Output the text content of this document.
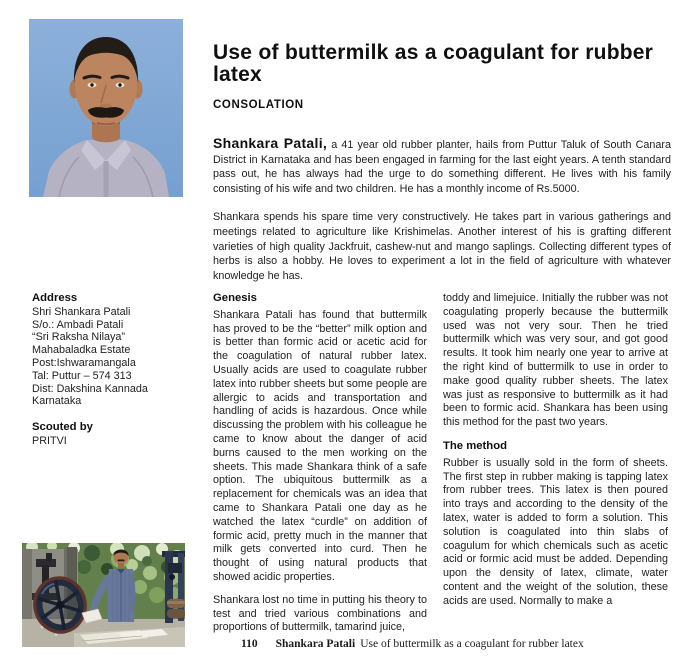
Use of buttermilk as a coagulant for rubber
latex
CONSOLATION

Shankara Patali, a 41 year old rubber planter, hails from Puttur Taluk of South Canara District in Karnataka and has been engaged in farming for the last eight years. A tenth standard pass out, he has always had the urge to do something different. He lives with his family consisting of his wife and two children. He has a monthly income of Rs.5000.

Shankara spends his spare time very constructively. He takes part in various gatherings and meetings related to agriculture like Krishimelas. Another interest of his is grafting different varieties of high quality Jackfruit, cashew-nut and mango saplings. Collecting different types of herbs is also a hobby. He loves to experiment a lot in the field of agriculture with whatever knowledge he has.

Address
Shri Shankara Patali
S/o.: Ambadi Patali
“Sri Raksha Nilaya”
Mahabaladka Estate
Post:Ishwaramangala
Tal: Puttur – 574 313
Dist: Dakshina Kannada
Karnataka
Scouted by
PRITVI
Genesis

Shankara Patali has found that buttermilk has proved to be the “better” milk option and is better than formic acid or acetic acid for the coagulation of natural rubber latex. Usually acids are used to coagulate rubber latex into rubber sheets but some people are allergic to acids and transportation and handling of acids is hazardous. Once while discussing the problem with his colleague he came to know about the danger of acid burns caused to the men working on the sheets. This made Shankara think of a safe option. The ubiquitous buttermilk as a replacement for chemicals was an idea that came to Shankara Patali one day as he watched the latex “curdle” on addition of formic acid, pretty much in the manner that milk gets converted into curd. Then he thought of using natural products that showed acidic properties.

Shankara lost no time in putting his theory to test and tried various combinations and proportions of buttermilk, tamarind juice,

toddy and limejuice. Initially the rubber was not coagulating properly because the buttermilk used was not very sour. Then he tried buttermilk which was very sour, and got good results. It took him nearly one year to arrive at the right kind of buttermilk to use in order to make good quality rubber sheets. The latex was just as responsive to buttermilk as it had been to formic acid. Shankara has been using this method for the past two years.

The method

Rubber is usually sold in the form of sheets. The first step in rubber making is tapping latex from rubber trees. This latex is then poured into trays and according to the density of the latex, water is added to form a solution. This solution is coagulated into thin slabs of coagulum for which chemicals such as acetic acid or formic acid must be added. Depending upon the density of latex, climate, water content and the weight of the solution, these acids are used. Normally to make a

110 Shankara Patali Use of buttermilk as a coagulant for rubber latex
